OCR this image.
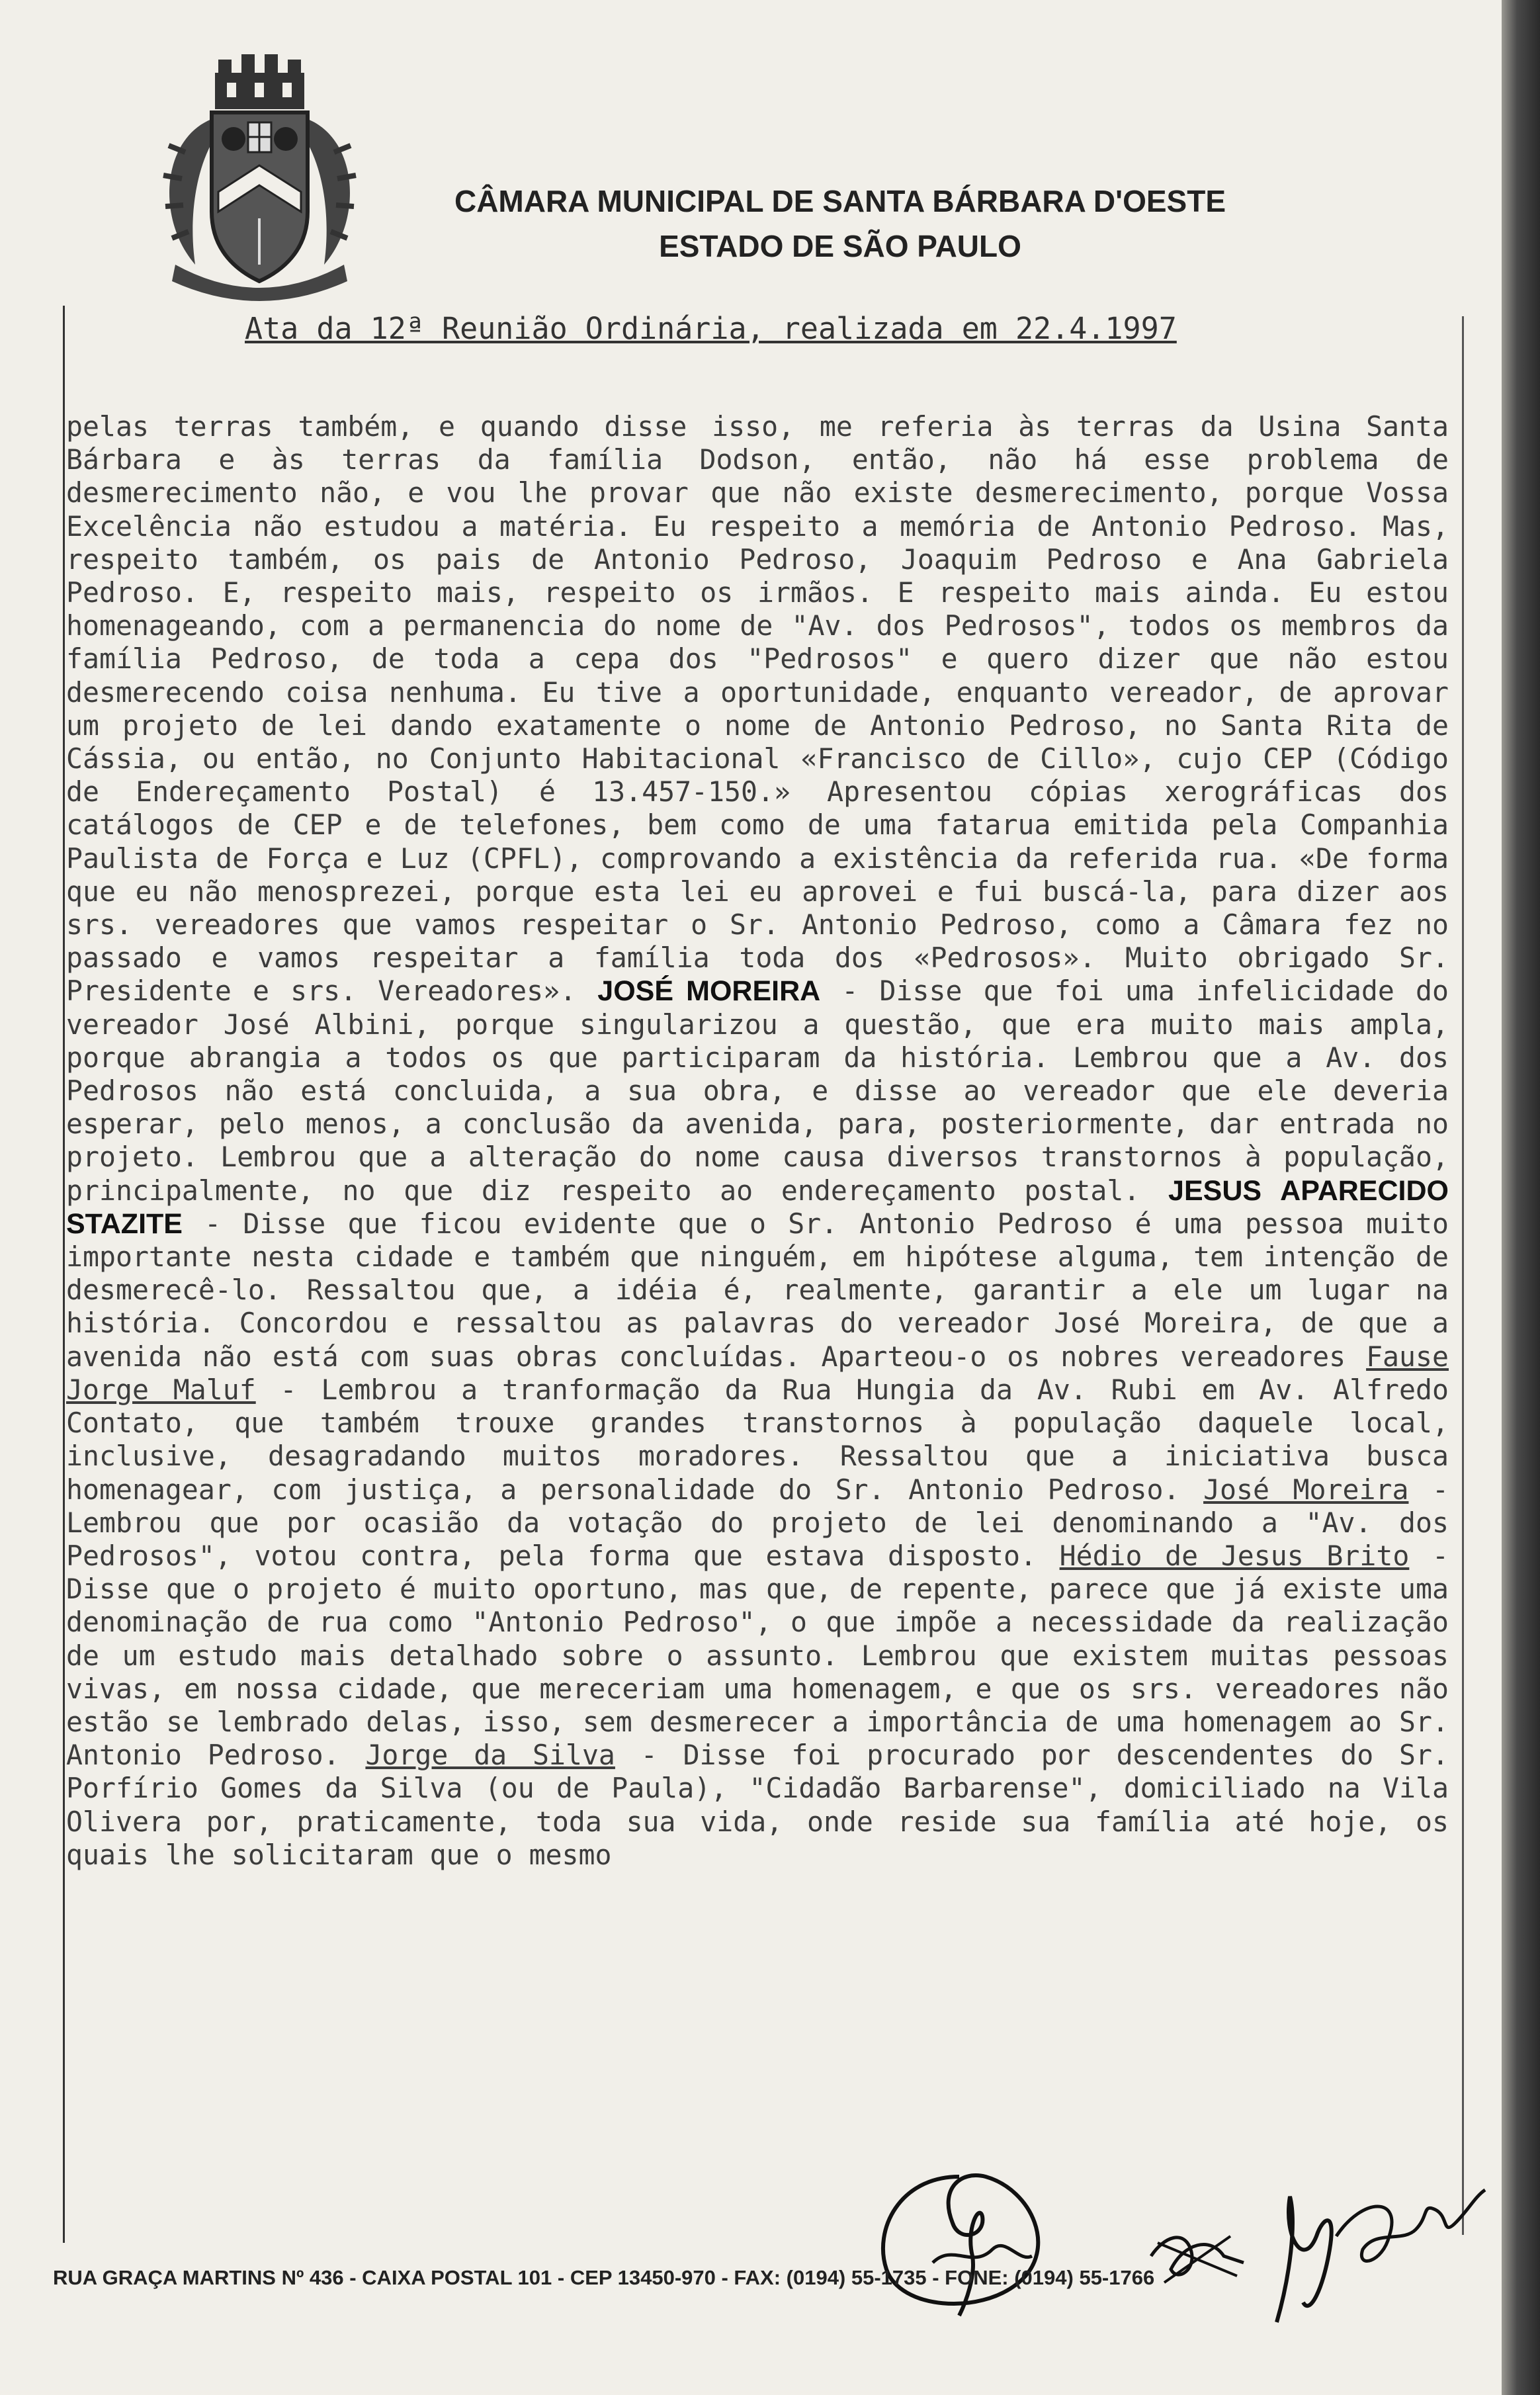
CÂMARA MUNICIPAL DE SANTA BÁRBARA D'OESTE
ESTADO DE SÃO PAULO
Ata da 12ª Reunião Ordinária, realizada em 22.4.1997

pelas terras também, e quando disse isso, me referia às terras da Usina Santa Bárbara e às terras da família Dodson, então, não há esse problema de desmerecimento não, e vou lhe provar que não existe desmerecimento, porque Vossa Excelência não estudou a matéria. Eu respeito a memória de Antonio Pedroso. Mas, respeito também, os pais de Antonio Pedroso, Joaquim Pedroso e Ana Gabriela Pedroso. E, respeito mais, respeito os irmãos. E respeito mais ainda. Eu estou homenageando, com a permanencia do nome de "Av. dos Pedrosos", todos os membros da família Pedroso, de toda a cepa dos "Pedrosos" e quero dizer que não estou desmerecendo coisa nenhuma. Eu tive a oportunidade, enquanto vereador, de aprovar um projeto de lei dando exatamente o nome de Antonio Pedroso, no Santa Rita de Cássia, ou então, no Conjunto Habitacional «Francisco de Cillo», cujo CEP (Código de Endereçamento Postal) é 13.457-150.» Apresentou cópias xerográficas dos catálogos de CEP e de telefones, bem como de uma fatarua emitida pela Companhia Paulista de Força e Luz (CPFL), comprovando a existência da referida rua. «De forma que eu não menosprezei, porque esta lei eu aprovei e fui buscá-la, para dizer aos srs. vereadores que vamos respeitar o Sr. Antonio Pedroso, como a Câmara fez no passado e vamos respeitar a família toda dos «Pedrosos». Muito obrigado Sr. Presidente e srs. Vereadores». JOSÉ MOREIRA - Disse que foi uma infelicidade do vereador José Albini, porque singularizou a questão, que era muito mais ampla, porque abrangia a todos os que participaram da história. Lembrou que a Av. dos Pedrosos não está concluida, a sua obra, e disse ao vereador que ele deveria esperar, pelo menos, a conclusão da avenida, para, posteriormente, dar entrada no projeto. Lembrou que a alteração do nome causa diversos transtornos à população, principalmente, no que diz respeito ao endereçamento postal. JESUS APARECIDO STAZITE - Disse que ficou evidente que o Sr. Antonio Pedroso é uma pessoa muito importante nesta cidade e também que ninguém, em hipótese alguma, tem intenção de desmerecê-lo. Ressaltou que, a idéia é, realmente, garantir a ele um lugar na história. Concordou e ressaltou as palavras do vereador José Moreira, de que a avenida não está com suas obras concluídas. Aparteou-o os nobres vereadores Fause Jorge Maluf - Lembrou a tranformação da Rua Hungia da Av. Rubi em Av. Alfredo Contato, que também trouxe grandes transtornos à população daquele local, inclusive, desagradando muitos moradores. Ressaltou que a iniciativa busca homenagear, com justiça, a personalidade do Sr. Antonio Pedroso. José Moreira - Lembrou que por ocasião da votação do projeto de lei denominando a "Av. dos Pedrosos", votou contra, pela forma que estava disposto. Hédio de Jesus Brito - Disse que o projeto é muito oportuno, mas que, de repente, parece que já existe uma denominação de rua como "Antonio Pedroso", o que impõe a necessidade da realização de um estudo mais detalhado sobre o assunto. Lembrou que existem muitas pessoas vivas, em nossa cidade, que mereceriam uma homenagem, e que os srs. vereadores não estão se lembrado delas, isso, sem desmerecer a importância de uma homenagem ao Sr. Antonio Pedroso. Jorge da Silva - Disse foi procurado por descendentes do Sr. Porfírio Gomes da Silva (ou de Paula), "Cidadão Barbarense", domiciliado na Vila Olivera por, praticamente, toda sua vida, onde reside sua família até hoje, os quais lhe solicitaram que o mesmo

RUA GRAÇA MARTINS Nº 436 - CAIXA POSTAL 101 - CEP 13450-970 - FAX: (0194) 55-1735 - FONE: (0194) 55-1766
